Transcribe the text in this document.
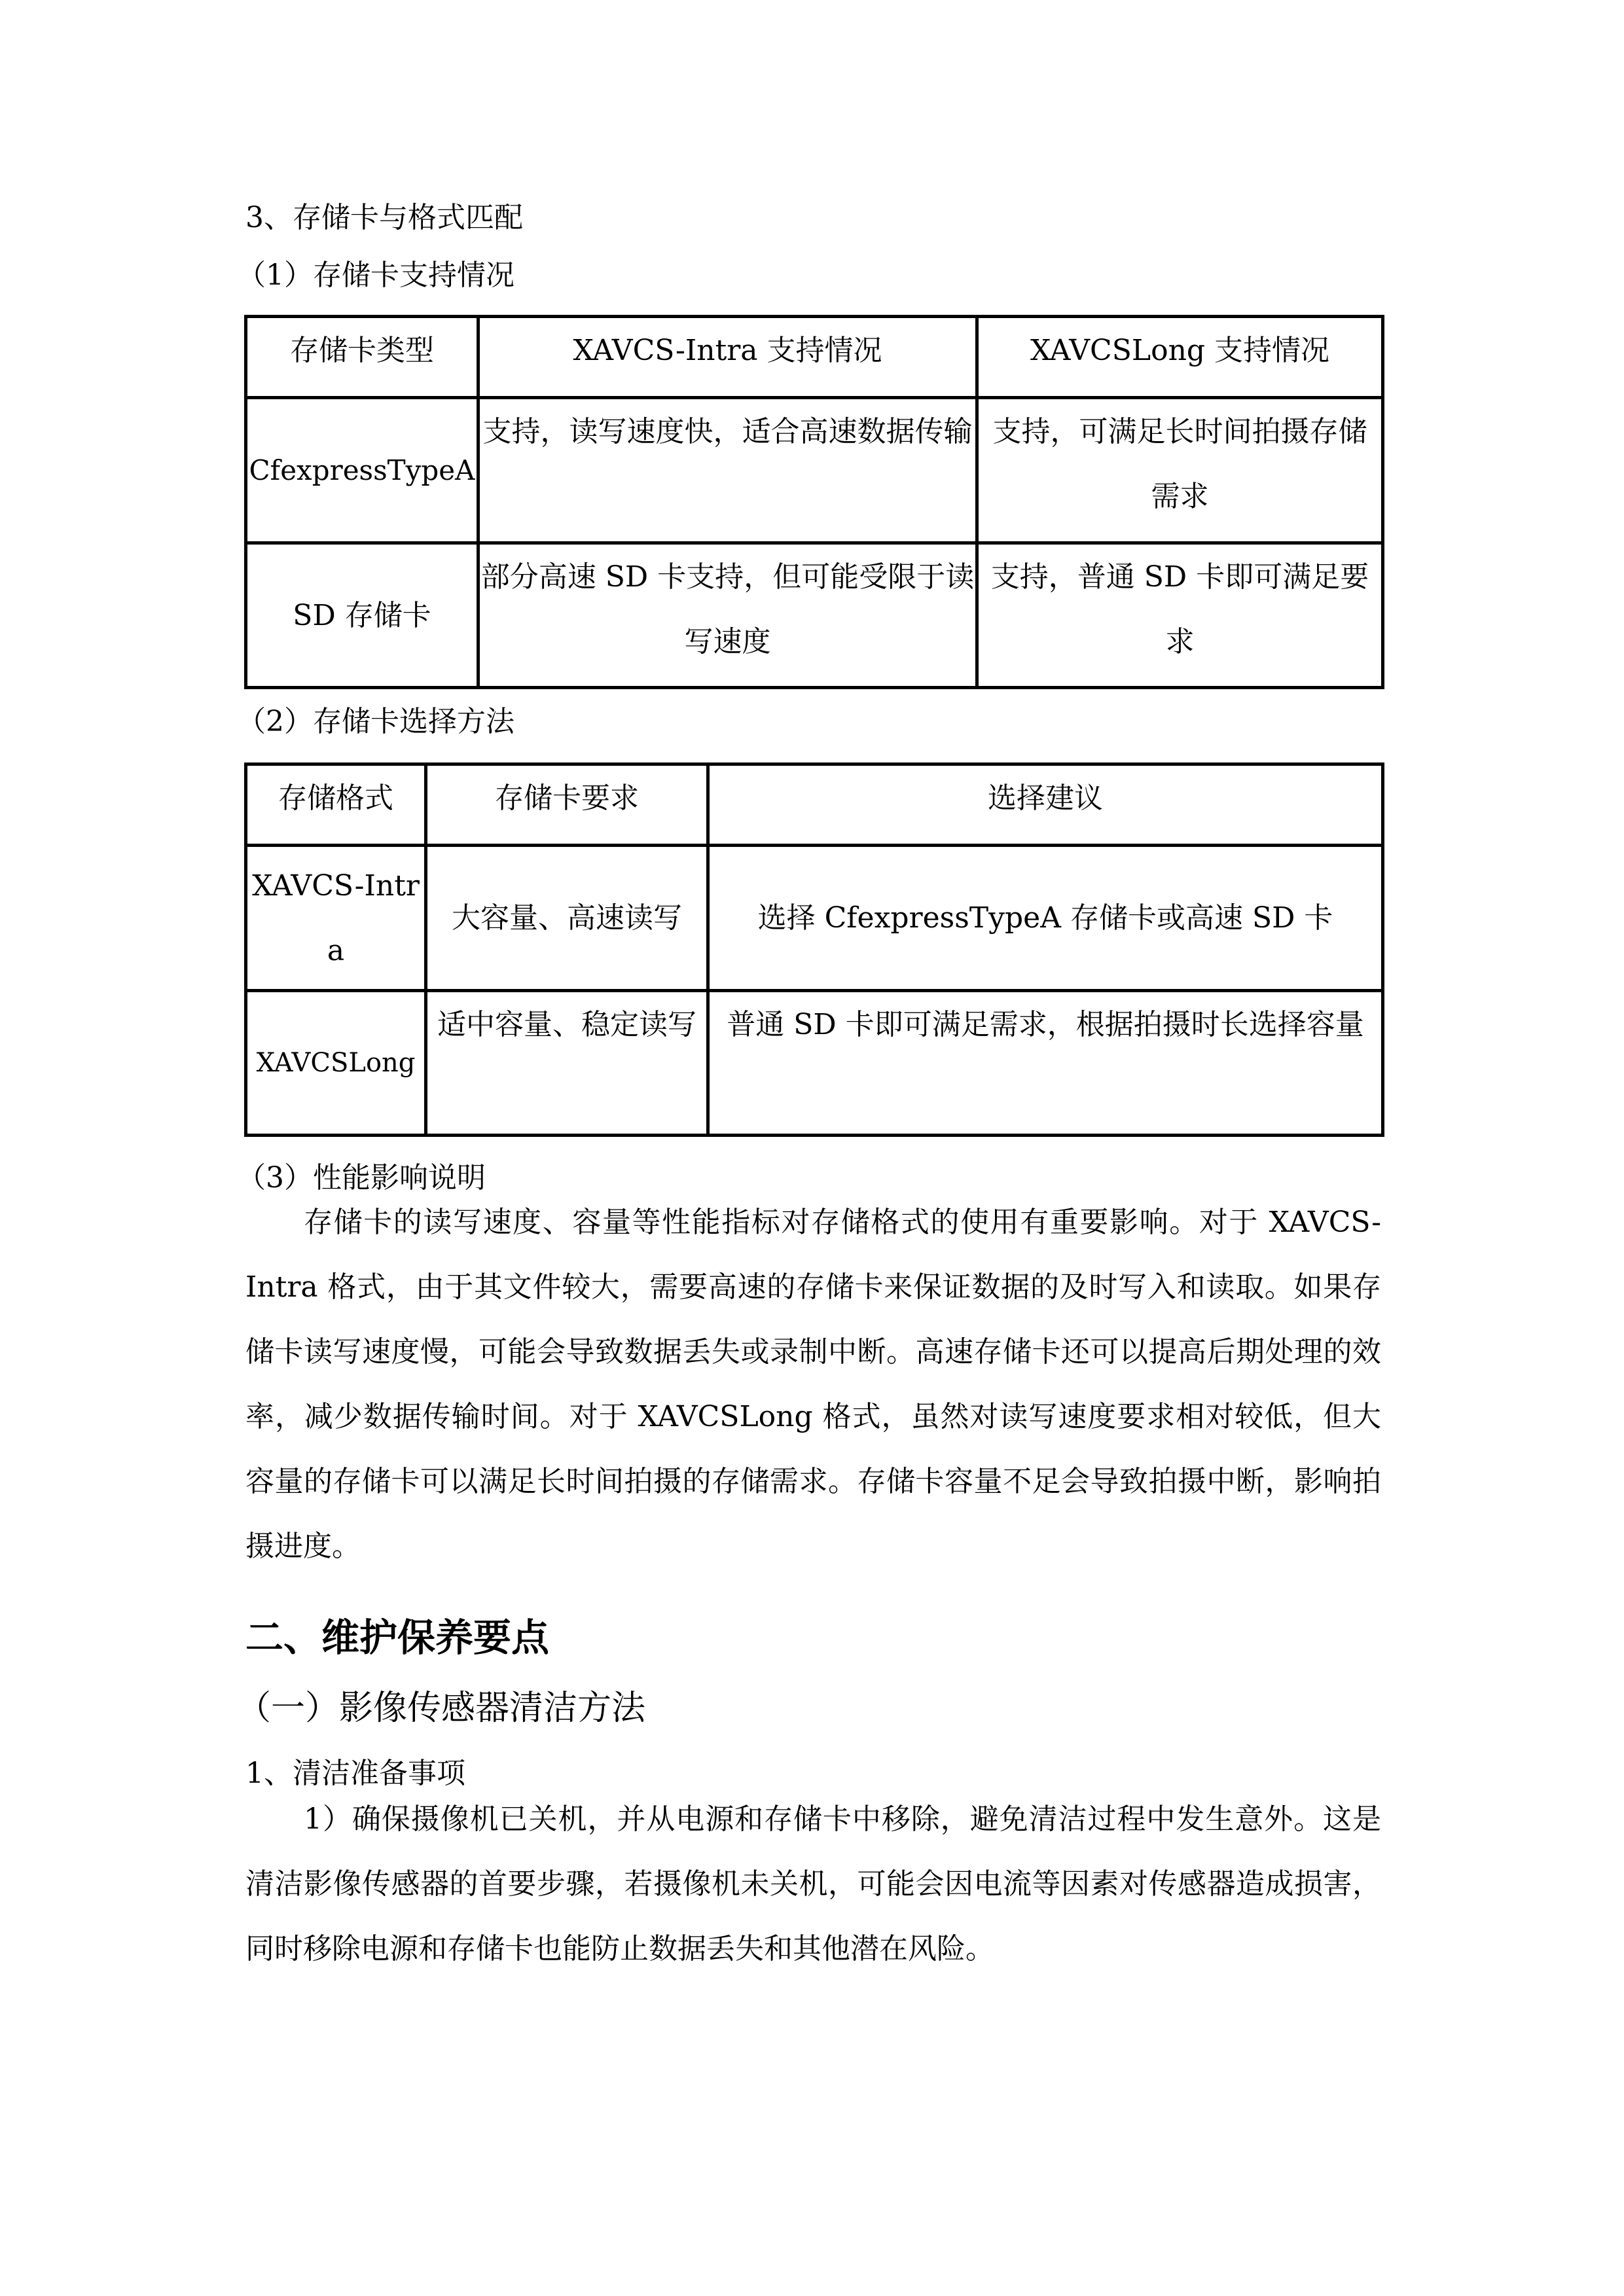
3、存储卡与格式匹配
（1）存储卡支持情况
存储卡类型	XAVCS-Intra 支持情况	XAVCSLong 支持情况
CfexpressTypeA	支持，读写速度快，适合高速数据传输	支持，可满足长时间拍摄存储需求
SD 存储卡	部分高速 SD 卡支持，但可能受限于读写速度	支持，普通 SD 卡即可满足要求
（2）存储卡选择方法
存储格式	存储卡要求	选择建议
XAVCS-Intra	大容量、高速读写	选择 CfexpressTypeA 存储卡或高速 SD 卡
XAVCSLong	适中容量、稳定读写	普通 SD 卡即可满足需求，根据拍摄时长选择容量
（3）性能影响说明

存储卡的读写速度、容量等性能指标对存储格式的使用有重要影响。对于 XAVCS-Intra 格式，由于其文件较大，需要高速的存储卡来保证数据的及时写入和读取。如果存储卡读写速度慢，可能会导致数据丢失或录制中断。高速存储卡还可以提高后期处理的效率，减少数据传输时间。对于 XAVCSLong 格式，虽然对读写速度要求相对较低，但大容量的存储卡可以满足长时间拍摄的存储需求。存储卡容量不足会导致拍摄中断，影响拍摄进度。

二、维护保养要点
（一）影像传感器清洁方法
1、清洁准备事项

1）确保摄像机已关机，并从电源和存储卡中移除，避免清洁过程中发生意外。这是清洁影像传感器的首要步骤，若摄像机未关机，可能会因电流等因素对传感器造成损害，同时移除电源和存储卡也能防止数据丢失和其他潜在风险。
